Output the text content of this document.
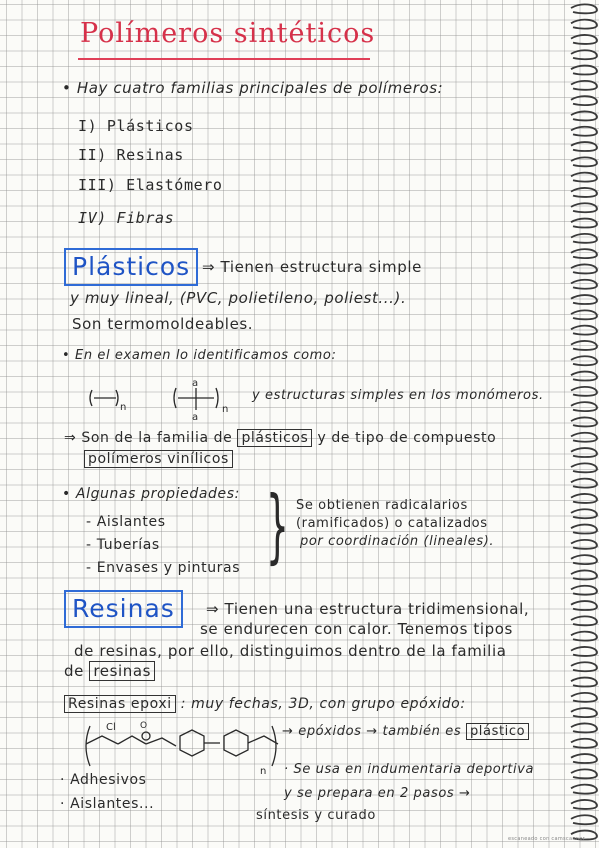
Polímeros sintéticos
• Hay cuatro familias principales de polímeros:
I) Plásticos
II) Resinas
III) Elastómero
IV) Fibras
Plásticos ⇒ Tienen estructura simple
y muy lineal, (PVC, polietileno, poliest...).
Son termomoldeables.
• En el examen lo identificamos como:
n
a
a
n
y estructuras simples en los monómeros.
⇒ Son de la familia de plásticos y de tipo de compuesto
polímeros vinílicos
• Algunas propiedades:
- Aislantes
- Tuberías
- Envases y pinturas } Se obtienen radicalarios
(ramificados) o catalizados
por coordinación (lineales).
Resinas	⇒ Tienen una estructura tridimensional,
se endurecen con calor. Tenemos tipos
de resinas, por ello, distinguimos dentro de la familia
de resinas
Resinas epoxi : muy fechas, 3D, con grupo epóxido:
Cl	O
n
→ epóxidos → también es plástico
· Adhesivos
· Aislantes...
· Se usa en indumentaria deportiva
y se prepara en 2 pasos →
síntesis y curado
escaneado con camscanner
